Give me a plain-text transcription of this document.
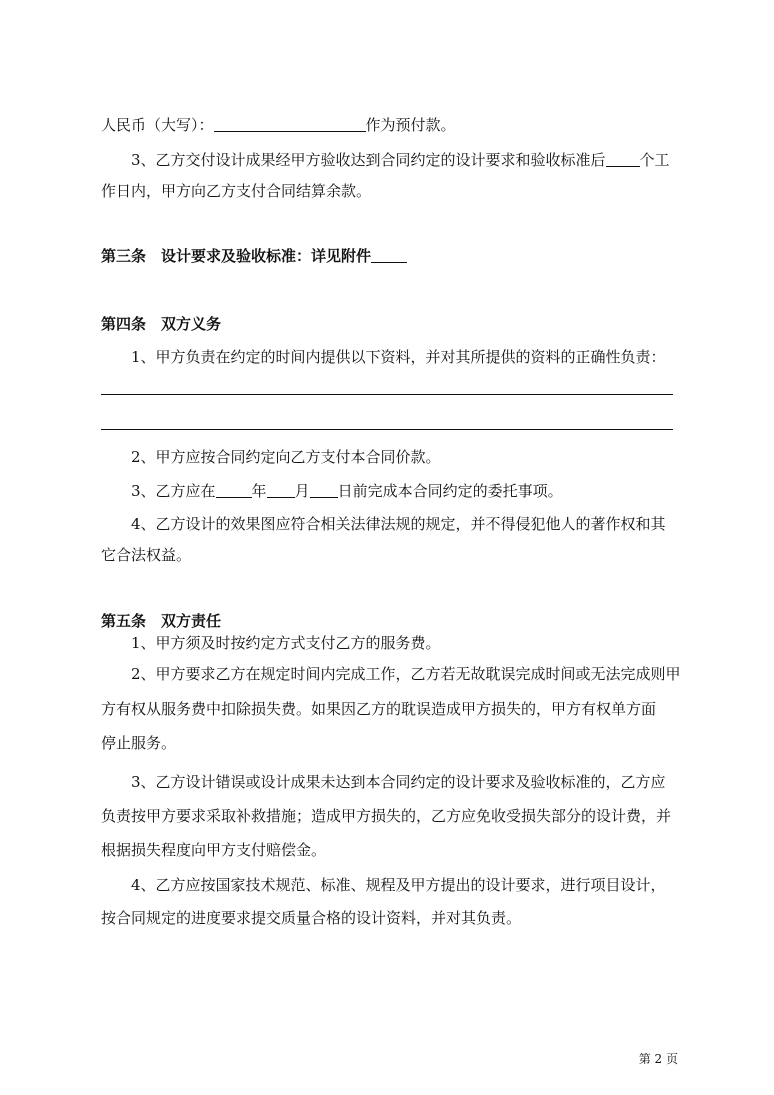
人民币（大写）：	作为预付款。
3、乙方交付设计成果经甲方验收达到合同约定的设计要求和验收标准后 个工
作日内，甲方向乙方支付合同结算余款。
第三条　设计要求及验收标准：详见附件
第四条　双方义务
1、甲方负责在约定的时间内提供以下资料，并对其所提供的资料的正确性负责：
2、甲方应按合同约定向乙方支付本合同价款。
3、乙方应在 年 月 日前完成本合同约定的委托事项。
4、乙方设计的效果图应符合相关法律法规的规定，并不得侵犯他人的著作权和其
它合法权益。
第五条　双方责任
1、甲方须及时按约定方式支付乙方的服务费。
2、甲方要求乙方在规定时间内完成工作，乙方若无故耽误完成时间或无法完成则甲
方有权从服务费中扣除损失费。如果因乙方的耽误造成甲方损失的，甲方有权单方面
停止服务。
3、乙方设计错误或设计成果未达到本合同约定的设计要求及验收标准的，乙方应
负责按甲方要求采取补救措施；造成甲方损失的，乙方应免收受损失部分的设计费，并
根据损失程度向甲方支付赔偿金。
4、乙方应按国家技术规范、标准、规程及甲方提出的设计要求，进行项目设计，
按合同规定的进度要求提交质量合格的设计资料，并对其负责。
第 2 页
